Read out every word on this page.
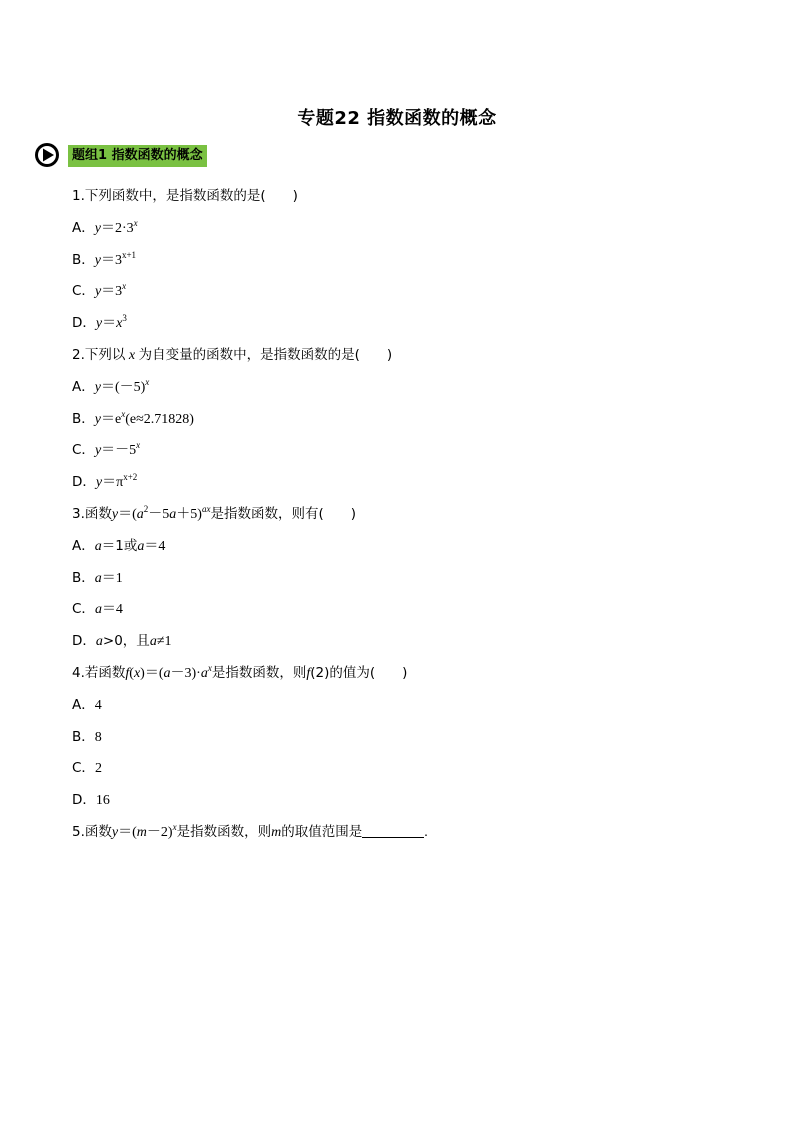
专题22 指数函数的概念
题组1 指数函数的概念
1.下列函数中，是指数函数的是(　　)
A．$y=2\cdot 3^x$
B．$y=3^{x+1}$
C．$y=3^x$
D．$y=x^3$
2.下列以 x 为自变量的函数中，是指数函数的是(　　)
A．$y=(-5)^x$
B．$y=e^x(e\approx 2.71828)$
C．$y=-5^x$
D．$y=\pi^{x+2}$
3.函数$y=(a^2-5a+5)^{ax}$是指数函数，则有(　　)
A．a＝1或a＝4
B．a＝1
C．a＝4
D．a>0，且a≠1
4.若函数$f(x)=(a-3)\cdot a^x$是指数函数，则f(2)的值为(　　)
A．4
B．8
C．2
D．16
5.函数$y=(m-2)^x$是指数函数，则m的取值范围是	.
